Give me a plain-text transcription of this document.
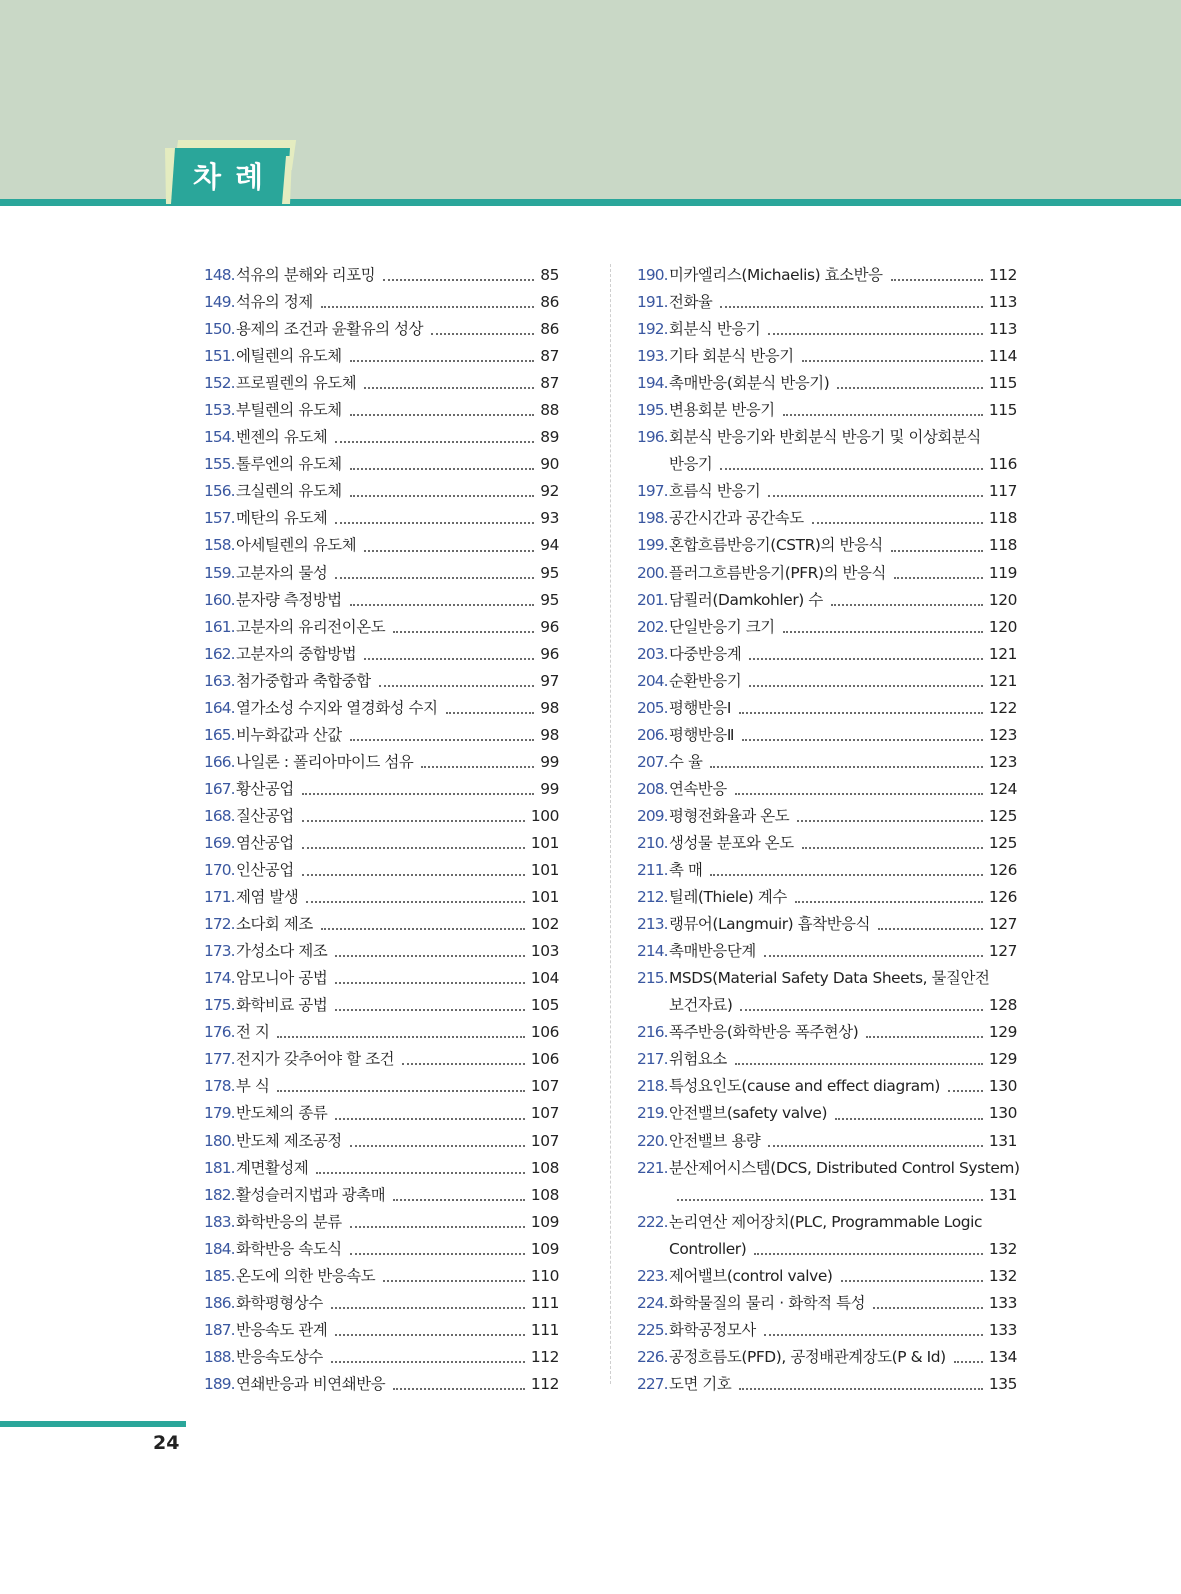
차 례
148. 석유의 분해와 리포밍	85
149. 석유의 정제	86
150. 용제의 조건과 윤활유의 성상	86
151. 에틸렌의 유도체	87
152. 프로필렌의 유도체	87
153. 부틸렌의 유도체	88
154. 벤젠의 유도체	89
155. 톨루엔의 유도체	90
156. 크실렌의 유도체	92
157. 메탄의 유도체	93
158. 아세틸렌의 유도체	94
159. 고분자의 물성	95
160. 분자량 측정방법	95
161. 고분자의 유리전이온도	96
162. 고분자의 중합방법	96
163. 첨가중합과 축합중합	97
164. 열가소성 수지와 열경화성 수지	98
165. 비누화값과 산값	98
166. 나일론 : 폴리아마이드 섬유	99
167. 황산공업	99
168. 질산공업	100
169. 염산공업	101
170. 인산공업	101
171. 제염 발생	101
172. 소다회 제조	102
173. 가성소다 제조	103
174. 암모니아 공법	104
175. 화학비료 공법	105
176. 전 지	106
177. 전지가 갖추어야 할 조건	106
178. 부 식	107
179. 반도체의 종류	107
180. 반도체 제조공정	107
181. 계면활성제	108
182. 활성슬러지법과 광촉매	108
183. 화학반응의 분류	109
184. 화학반응 속도식	109
185. 온도에 의한 반응속도	110
186. 화학평형상수	111
187. 반응속도 관계	111
188. 반응속도상수	112
189. 연쇄반응과 비연쇄반응	112
190. 미카엘리스(Michaelis) 효소반응	112
191. 전화율	113
192. 회분식 반응기	113
193. 기타 회분식 반응기	114
194. 촉매반응(회분식 반응기)	115
195. 변용회분 반응기	115
196. 회분식 반응기와 반회분식 반응기 및 이상회분식
반응기	116
197. 흐름식 반응기	117
198. 공간시간과 공간속도	118
199. 혼합흐름반응기(CSTR)의 반응식	118
200. 플러그흐름반응기(PFR)의 반응식	119
201. 담쾰러(Damkohler) 수	120
202. 단일반응기 크기	120
203. 다중반응계	121
204. 순환반응기	121
205. 평행반응Ⅰ	122
206. 평행반응Ⅱ	123
207. 수 율	123
208. 연속반응	124
209. 평형전화율과 온도	125
210. 생성물 분포와 온도	125
211. 촉 매	126
212. 틸레(Thiele) 계수	126
213. 랭뮤어(Langmuir) 흡착반응식	127
214. 촉매반응단계	127
215. MSDS(Material Safety Data Sheets, 물질안전
보건자료)	128
216. 폭주반응(화학반응 폭주현상)	129
217. 위험요소	129
218. 특성요인도(cause and effect diagram)	130
219. 안전밸브(safety valve)	130
220. 안전밸브 용량	131
221. 분산제어시스템(DCS, Distributed Control System)
131
222. 논리연산 제어장치(PLC, Programmable Logic
Controller)	132
223. 제어밸브(control valve)	132
224. 화학물질의 물리 · 화학적 특성	133
225. 화학공정모사	133
226. 공정흐름도(PFD), 공정배관계장도(P & Id)	134
227. 도면 기호	135
24
